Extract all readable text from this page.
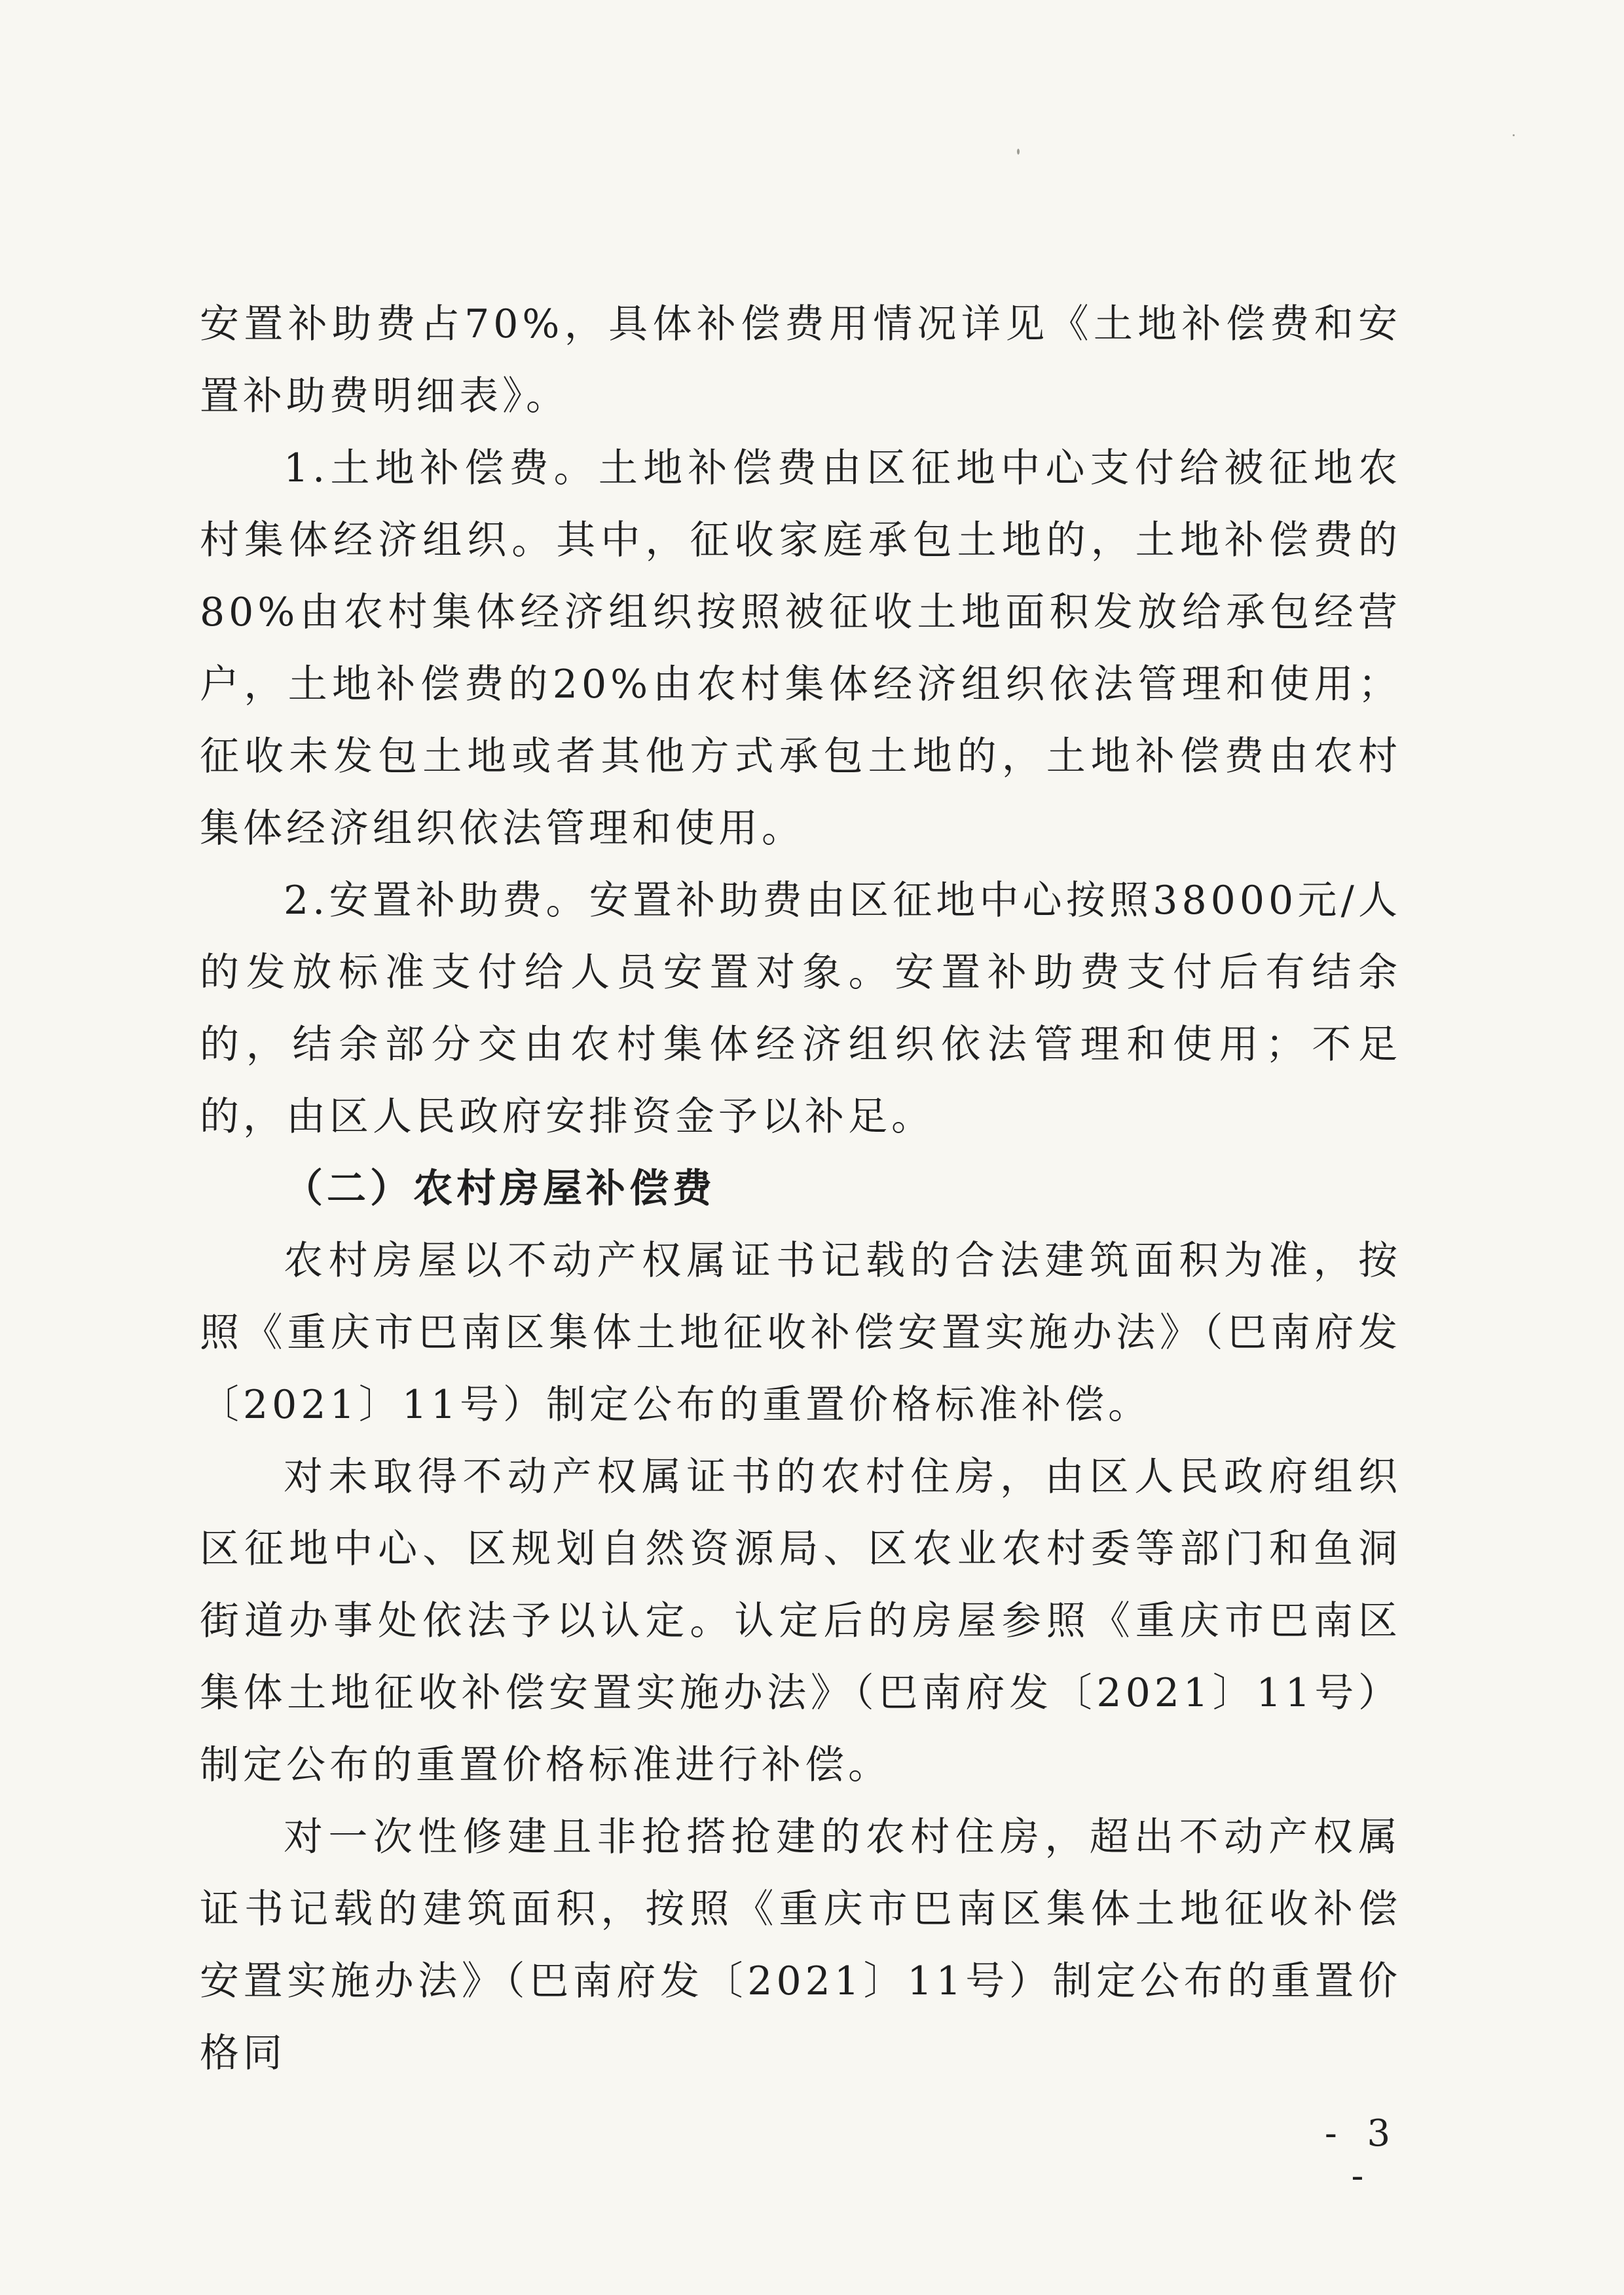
安置补助费占70%，具体补偿费用情况详见《土地补偿费和安置补助费明细表》。

1.土地补偿费。土地补偿费由区征地中心支付给被征地农村集体经济组织。其中，征收家庭承包土地的，土地补偿费的80%由农村集体经济组织按照被征收土地面积发放给承包经营户，土地补偿费的20%由农村集体经济组织依法管理和使用；征收未发包土地或者其他方式承包土地的，土地补偿费由农村集体经济组织依法管理和使用。

2.安置补助费。安置补助费由区征地中心按照38000元/人的发放标准支付给人员安置对象。安置补助费支付后有结余的，结余部分交由农村集体经济组织依法管理和使用；不足的，由区人民政府安排资金予以补足。

（二）农村房屋补偿费

农村房屋以不动产权属证书记载的合法建筑面积为准，按照《重庆市巴南区集体土地征收补偿安置实施办法》（巴南府发〔2021〕11号）制定公布的重置价格标准补偿。

对未取得不动产权属证书的农村住房，由区人民政府组织区征地中心、区规划自然资源局、区农业农村委等部门和鱼洞街道办事处依法予以认定。认定后的房屋参照《重庆市巴南区集体土地征收补偿安置实施办法》（巴南府发〔2021〕11号）制定公布的重置价格标准进行补偿。

对一次性修建且非抢搭抢建的农村住房，超出不动产权属证书记载的建筑面积，按照《重庆市巴南区集体土地征收补偿安置实施办法》（巴南府发〔2021〕11号）制定公布的重置价格同

- 3 -
